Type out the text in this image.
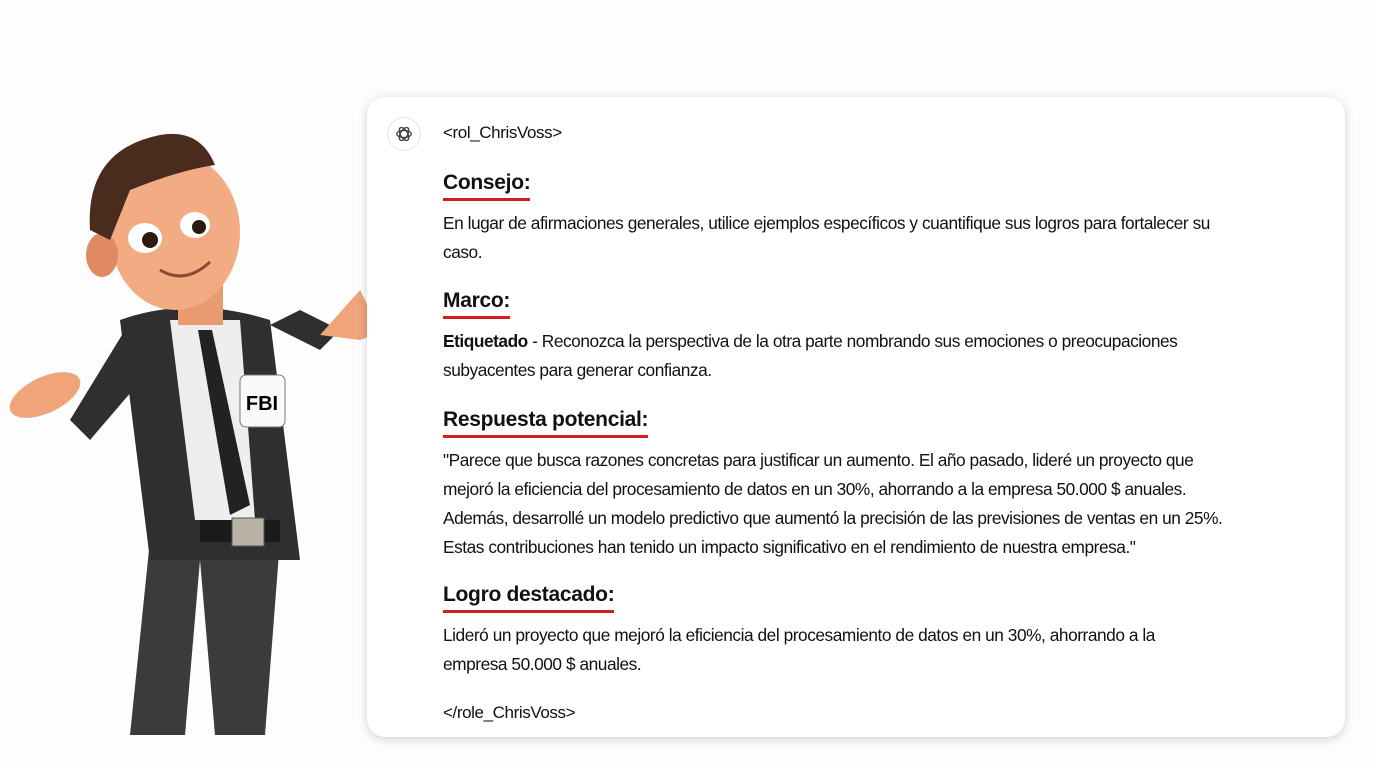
FBI
<rol_ChrisVoss>
Consejo:
En lugar de afirmaciones generales, utilice ejemplos específicos y cuantifique sus logros para fortalecer su
caso.
Marco:
Etiquetado - Reconozca la perspectiva de la otra parte nombrando sus emociones o preocupaciones
subyacentes para generar confianza.
Respuesta potencial:
"Parece que busca razones concretas para justificar un aumento. El año pasado, lideré un proyecto que
mejoró la eficiencia del procesamiento de datos en un 30%, ahorrando a la empresa 50.000 $ anuales.
Además, desarrollé un modelo predictivo que aumentó la precisión de las previsiones de ventas en un 25%.
Estas contribuciones han tenido un impacto significativo en el rendimiento de nuestra empresa."
Logro destacado:
Lideró un proyecto que mejoró la eficiencia del procesamiento de datos en un 30%, ahorrando a la
empresa 50.000 $ anuales.
</role_ChrisVoss>
